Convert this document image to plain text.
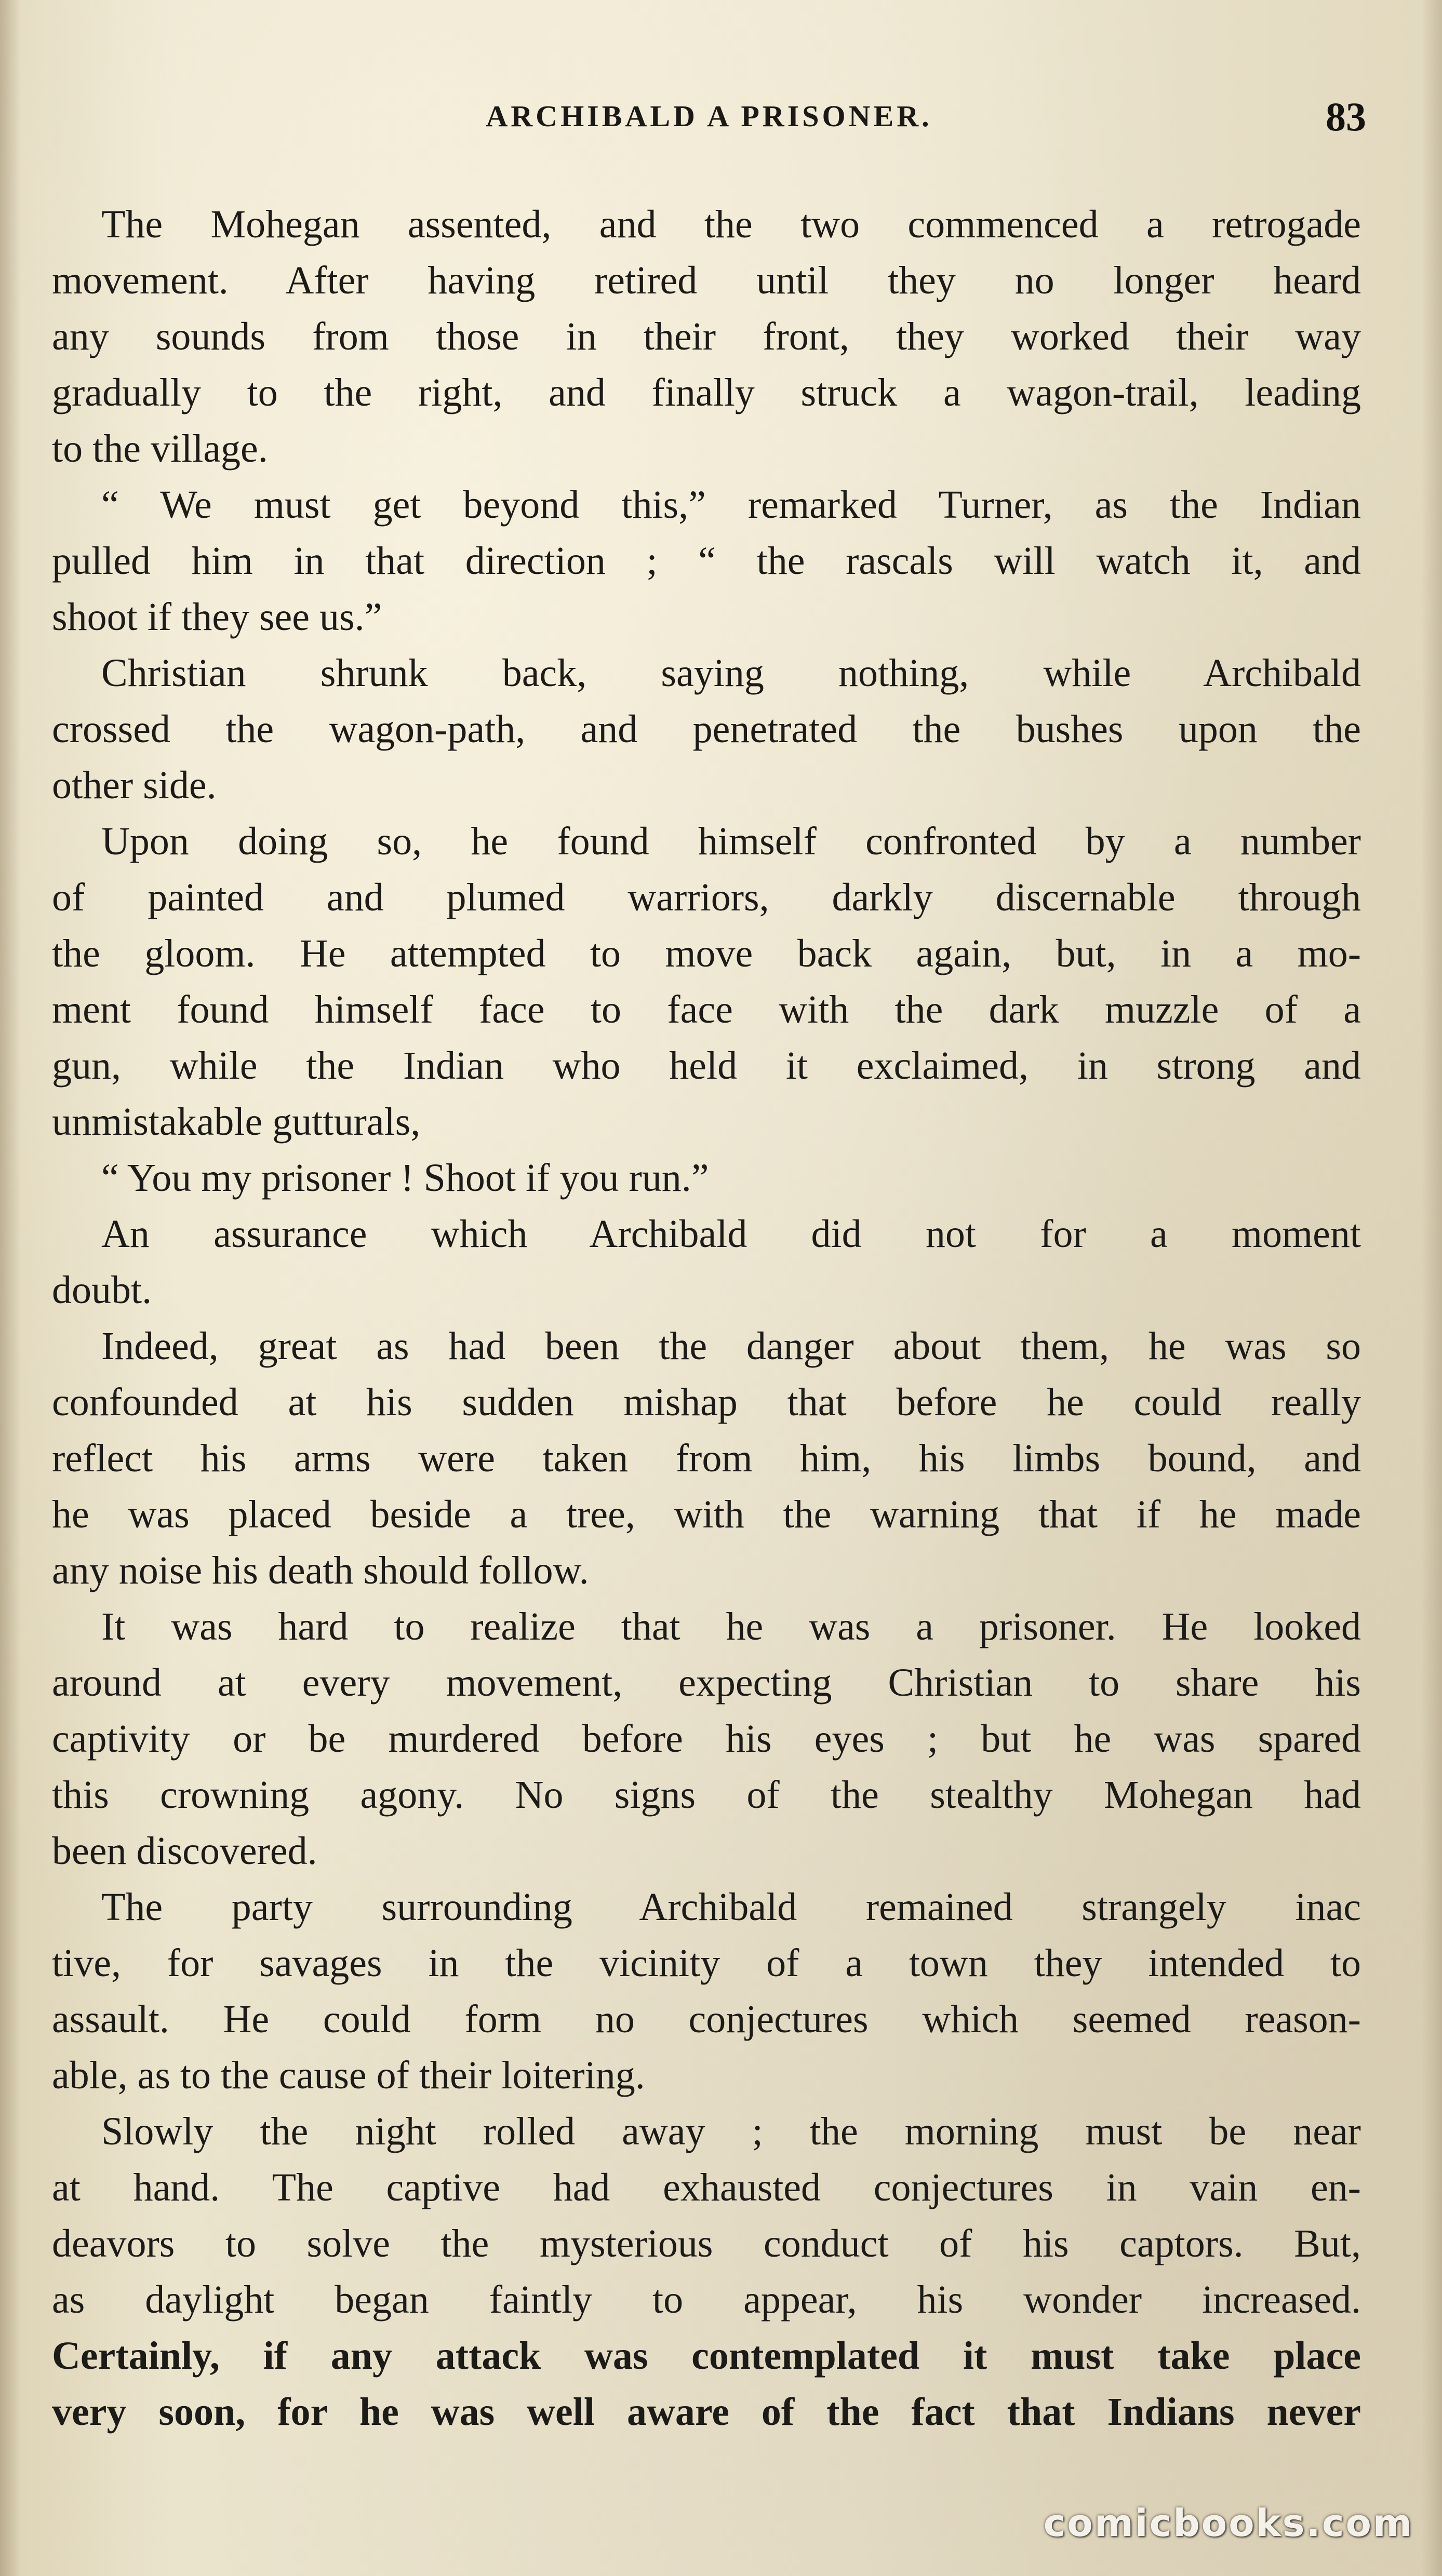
ARCHIBALD A PRISONER.	83
The Mohegan assented, and the two commenced a retrogade
movement. After having retired until they no longer heard
any sounds from those in their front, they worked their way
gradually to the right, and finally struck a wagon-trail, leading
to the village.
“ We must get beyond this,” remarked Turner, as the Indian
pulled him in that direction ; “ the rascals will watch it, and
shoot if they see us.”
Christian shrunk back, saying nothing, while Archibald
crossed the wagon-path, and penetrated the bushes upon the
other side.
Upon doing so, he found himself confronted by a number
of painted and plumed warriors, darkly discernable through
the gloom. He attempted to move back again, but, in a mo-
ment found himself face to face with the dark muzzle of a
gun, while the Indian who held it exclaimed, in strong and
unmistakable gutturals,
“ You my prisoner ! Shoot if you run.”
An assurance which Archibald did not for a moment
doubt.
Indeed, great as had been the danger about them, he was so
confounded at his sudden mishap that before he could really
reflect his arms were taken from him, his limbs bound, and
he was placed beside a tree, with the warning that if he made
any noise his death should follow.
It was hard to realize that he was a prisoner. He looked
around at every movement, expecting Christian to share his
captivity or be murdered before his eyes ; but he was spared
this crowning agony. No signs of the stealthy Mohegan had
been discovered.
The party surrounding Archibald remained strangely inac
tive, for savages in the vicinity of a town they intended to
assault. He could form no conjectures which seemed reason-
able, as to the cause of their loitering.
Slowly the night rolled away ; the morning must be near
at hand. The captive had exhausted conjectures in vain en-
deavors to solve the mysterious conduct of his captors. But,
as daylight began faintly to appear, his wonder increased.
Certainly, if any attack was contemplated it must take place
very soon, for he was well aware of the fact that Indians never
comicbooks.com
